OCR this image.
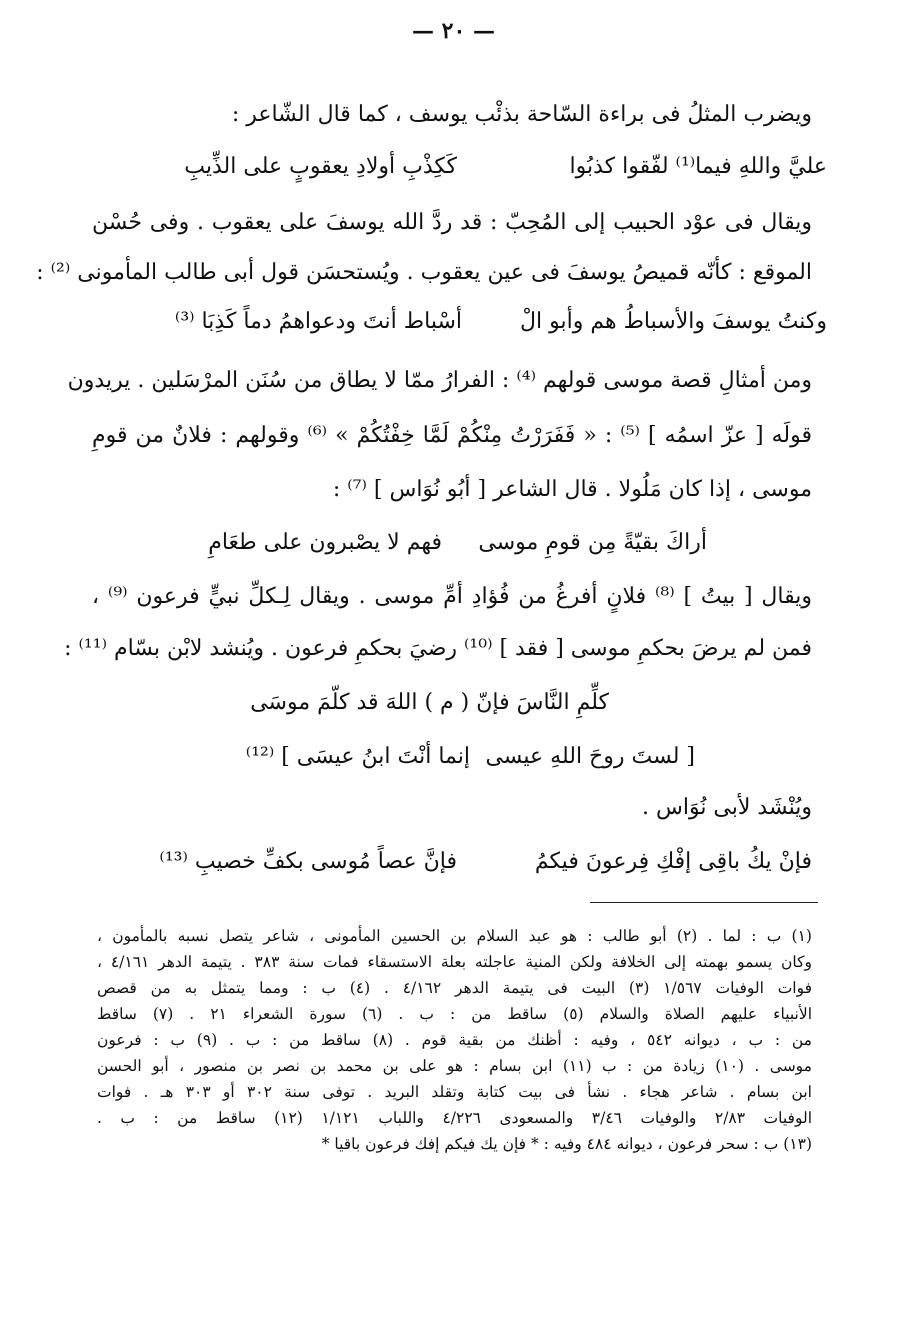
— ٢٠ —
ويضرب المثلُ فى براءة السّاحة بذئْب يوسف ، كما قال الشّاعر :
عليَّ واللهِ فيما⁽¹⁾ لفّقوا كذبُوا
كَكِذْبِ أولادِ يعقوبٍ على الذِّيبِ
ويقال فى عوْد الحبيب إلى المُحِبّ : قد ردَّ الله يوسفَ على يعقوب . وفى حُسْن
الموقع : كأنّه قميصُ يوسفَ فى عين يعقوب . ويُستحسَن قول أبى طالب المأمونى ⁽²⁾ :
وكنتُ يوسفَ والأسباطُ هم وأبو الْ
أسْباط أنتَ ودعواهمُ دماً كَذِبَا ⁽³⁾
ومن أمثالِ قصة موسى قولهم ⁽⁴⁾ : الفرارُ ممّا لا يطاق من سُنَن المرْسَلين . يريدون
قولَه [ عزّ اسمُه ] ⁽⁵⁾ : « فَفَرَرْتُ مِنْكُمْ لَمَّا خِفْتُكُمْ » ⁽⁶⁾ وقولهم : فلانٌ من قومِ
موسى ، إذا كان مَلُولا . قال الشاعر [ أبُو نُوَاس ] ⁽⁷⁾ :
أراكَ بقيّةً مِن قومِ موسى
فهم لا يصْبرون على طعَامِ
ويقال [ بيتُ ] ⁽⁸⁾ فلانٍ أفرغُ من فُؤادِ أمِّ موسى . ويقال لِـكلِّ نبيٍّ فرعون ⁽⁹⁾ ،
فمن لم يرضَ بحكمِ موسى [ فقد ] ⁽¹⁰⁾ رضيَ بحكمِ فرعون . ويُنشد لابْن بسّام ⁽¹¹⁾ :
كلِّمِ النَّاسَ فإنّ ( م ) اللهَ قد كلّمَ موسَى
[ لستَ روحَ اللهِ عيسى
إنما أنْتَ ابنُ عيسَى ] ⁽¹²⁾
ويُنْشَد لأبى نُوَاس .
فإنْ يكُ باقِى إفْكِ فِرعونَ فيكمُ
فإنَّ عصاً مُوسى بكفِّ خصيبِ ⁽¹³⁾
(١) ب : لما . (٢) أبو طالب : هو عبد السلام بن الحسين المأمونى ، شاعر يتصل نسبه بالمأمون ،
وكان يسمو بهمته إلى الخلافة ولكن المنية عاجلته بعلة الاستسقاء فمات سنة ٣٨٣ . يتيمة الدهر ٤/١٦١ ،
فوات الوفيات ١/٥٦٧ (٣) البيت فى يتيمة الدهر ٤/١٦٢ . (٤) ب : ومما يتمثل به من قصص
الأنبياء عليهم الصلاة والسلام (٥) ساقط من : ب . (٦) سورة الشعراء ٢١ . (٧) ساقط
من : ب ، ديوانه ٥٤٢ ، وفيه : أظنك من بقية قوم . (٨) ساقط من : ب . (٩) ب : فرعون
موسى . (١٠) زيادة من : ب (١١) ابن بسام : هو على بن محمد بن نصر بن منصور ، أبو الحسن
ابن بسام . شاعر هجاء . نشأ فى بيت كتابة وتقلد البريد . توفى سنة ٣٠٢ أو ٣٠٣ هـ . فوات
الوفيات ٢/٨٣ والوفيات ٣/٤٦ والمسعودى ٤/٢٢٦ واللباب ١/١٢١ (١٢) ساقط من : ب .
(١٣) ب : سحر فرعون ، ديوانه ٤٨٤ وفيه : * فإن يك فيكم إفك فرعون باقيا *
